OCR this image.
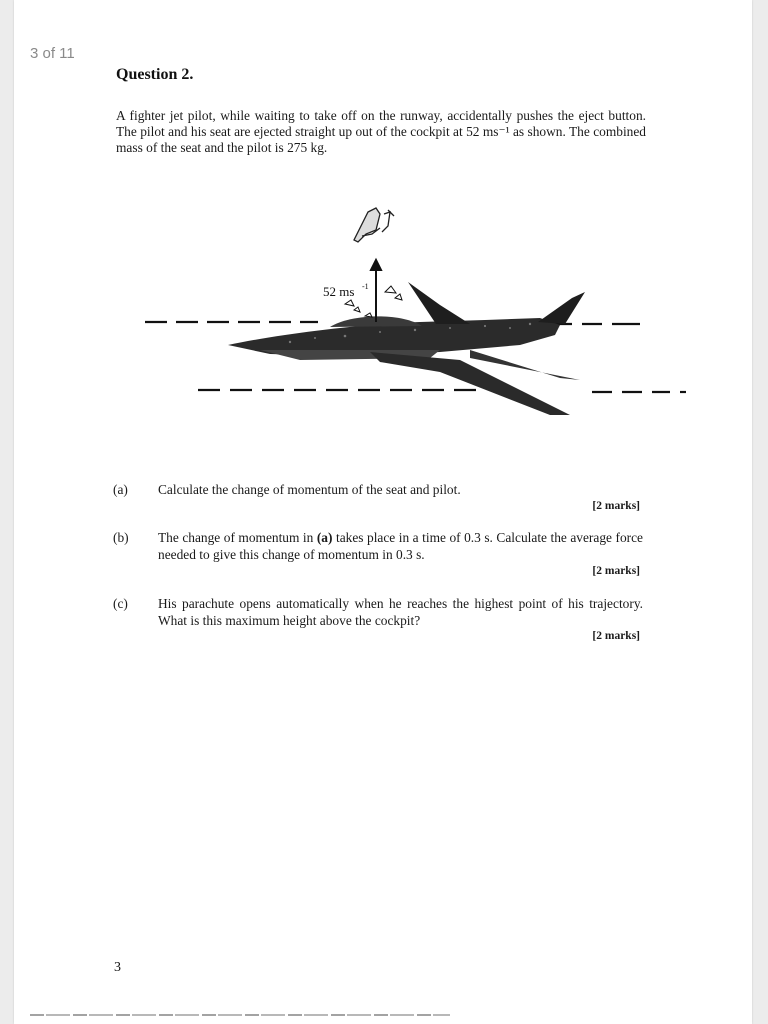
3 of 11
Question 2.
A fighter jet pilot, while waiting to take off on the runway, accidentally pushes the eject button. The pilot and his seat are ejected straight up out of the cockpit at 52 ms⁻¹ as shown. The combined mass of the seat and the pilot is 275 kg.
52 ms -1
(a) Calculate the change of momentum of the seat and pilot.
[2 marks]
(b) The change of momentum in (a) takes place in a time of 0.3 s. Calculate the average force needed to give this change of momentum in 0.3 s.
[2 marks]
(c) His parachute opens automatically when he reaches the highest point of his trajectory. What is this maximum height above the cockpit?
[2 marks]
3
